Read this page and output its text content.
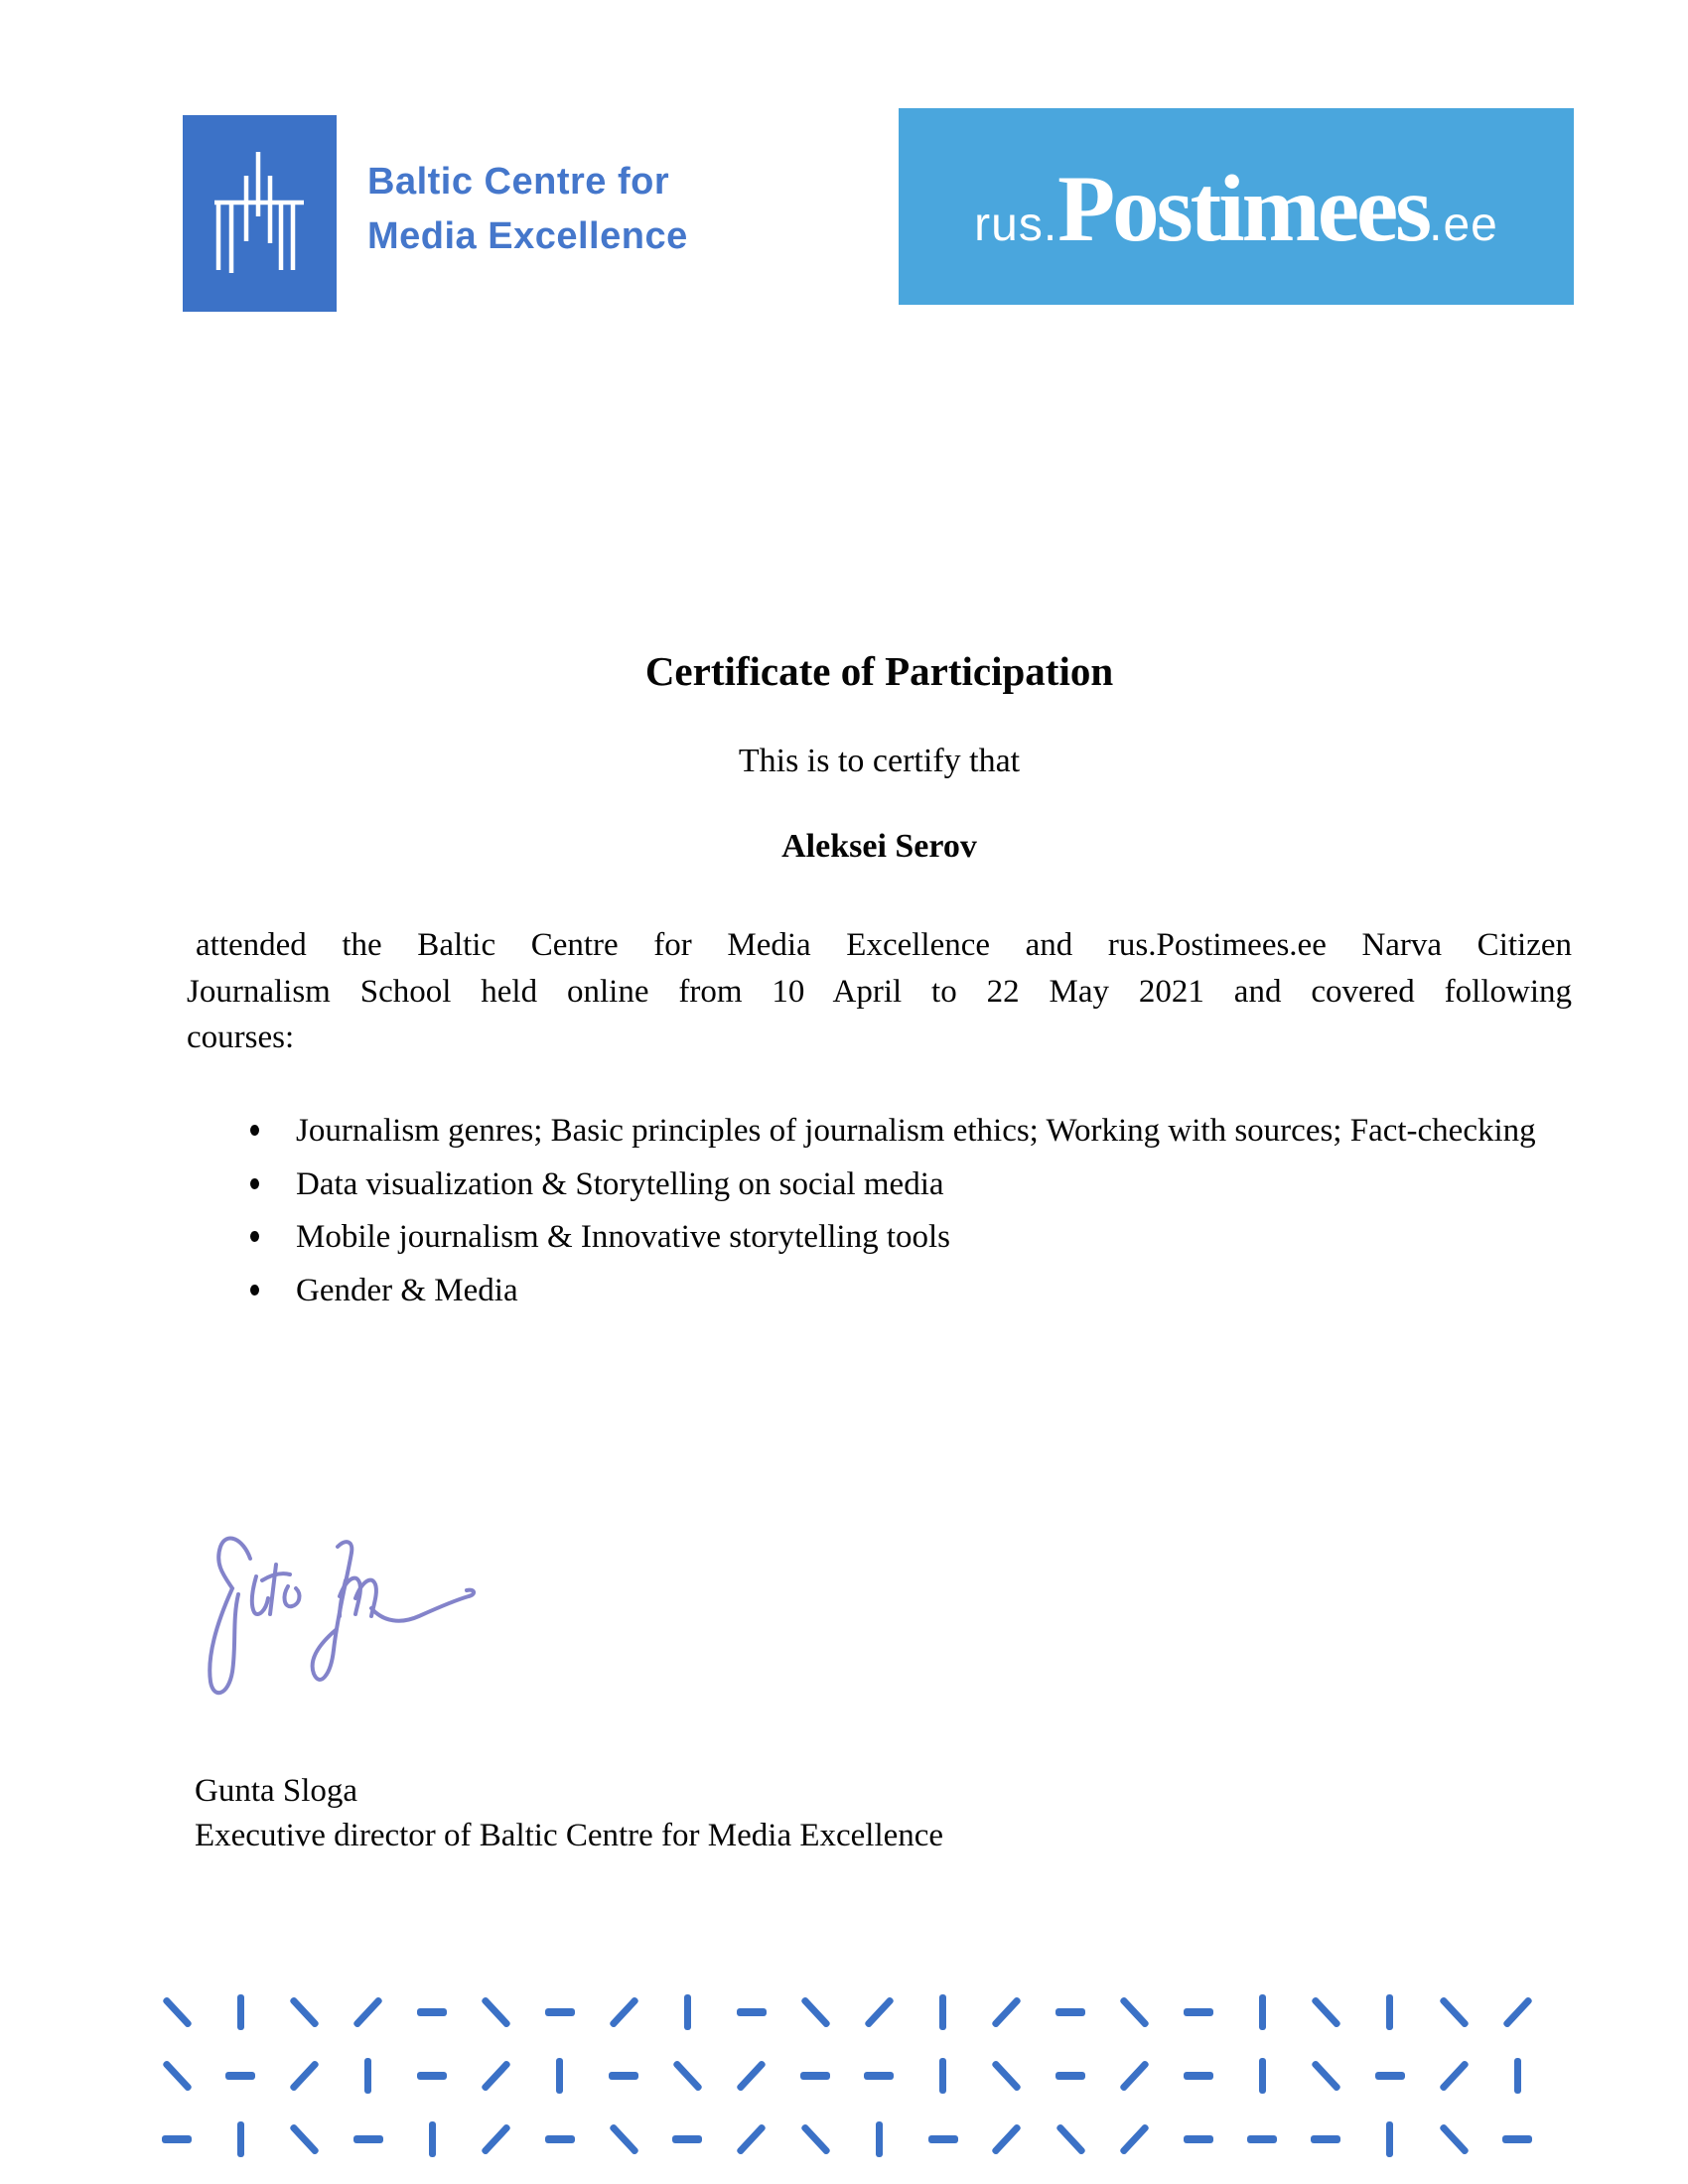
Baltic Centre for
Media Excellence	rus.Postimees.ee
Certificate of Participation
This is to certify that
Aleksei Serov
attended the Baltic Centre for Media Excellence and rus.Postimees.ee Narva Citizen
Journalism School held online from 10 April to 22 May 2021 and covered following
courses:
Journalism genres; Basic principles of journalism ethics; Working with sources; Fact-checking
Data visualization & Storytelling on social media
Mobile journalism & Innovative storytelling tools
Gender & Media
Gunta Sloga
Executive director of Baltic Centre for Media Excellence
